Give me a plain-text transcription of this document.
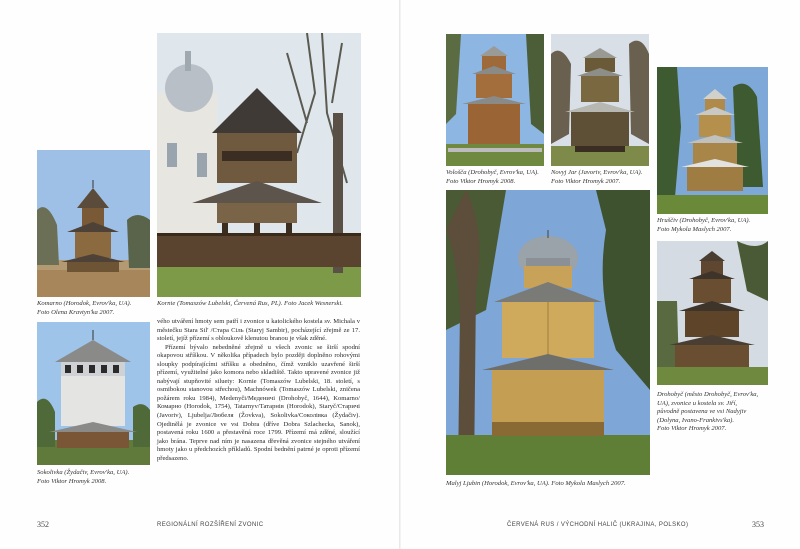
Komarno (Horodok, Evrov'ka, UA).
Foto Olena Kravtyn'ka 2007.
Kornie (Tomaszów Lubelski, Červená Rus, PL). Foto Jacek Wesnerski.
Sokolivka (Žydačiv, Evrov'ka, UA).
Foto Viktor Hromyk 2008.

vého utváření hmoty sem patří i zvonice u katolického kostela sv. Michala v městečku Stara Sil' /Стара Сіль (Staryj Sambir), pocházející zřejmě ze 17. století, jejíž přízemí s obloukově klenutou branou je však zděné.

Přízemí bývalo nebedněné zřejmě u všech zvonic se širší spodní okapovou stříškou. V několika případech bylo později doplněno rohovými sloupky podpírajícími stříšku a obedněno, čímž vzniklo uzavřené širší přízemí, využitelné jako komora nebo skladiště. Takto upravené zvonice již nabývají stupňovité siluety: Kornie (Tomaszów Lubelski, 18. století, s osmibokou stanovou střechou), Machnówek (Tomaszów Lubelski, zničena požárem roku 1984), Medenyči/Меденичі (Drohobyč, 1644), Komarno/Комарно (Horodok, 1754), Tatarnyv/Татарнів (Horodok), Staryč/Старичі (Javoriv), Ljubelja/Любеля (Žovkva), Sokolivka/Соколівка (Žydačiv). Ojedinělá je zvonice ve vsi Dobra (dříve Dobra Szlachecka, Sanok), postavená roku 1600 a přestavěná roce 1799. Přízemí má zděné, sloužící jako brána. Teprve nad ním je nasazena dřevěná zvonice stejného utváření hmoty jako u předchozích příkladů. Spodní bednění patrné je oproti přízemí předsazeno.

352	REGIONÁLNÍ ROZŠÍŘENÍ ZVONIC
Vološča (Drohobyč, Evrov'ka, UA).
Foto Viktor Hromyk 2008.
Novyj Jar (Javoriv, Evrov'ka, UA).
Foto Viktor Hromyk 2007.
Hruščiv (Drohobyč, Evrov'ka, UA).
Foto Mykola Maslych 2007.
Malyj Ljubin (Horodok, Evrov'ka, UA). Foto Mykola Maslych 2007.
Drohobyč (město Drohobyč, Evrov'ka,
UA), zvonice u kostela sv. Jiří,
původně postavena ve vsi Nadyjiv
(Dolyna, Ivano-Frankivs'ka).
Foto Viktor Hromyk 2007.
ČERVENÁ RUS / VÝCHODNÍ HALIČ (UKRAJINA, POLSKO)	353
